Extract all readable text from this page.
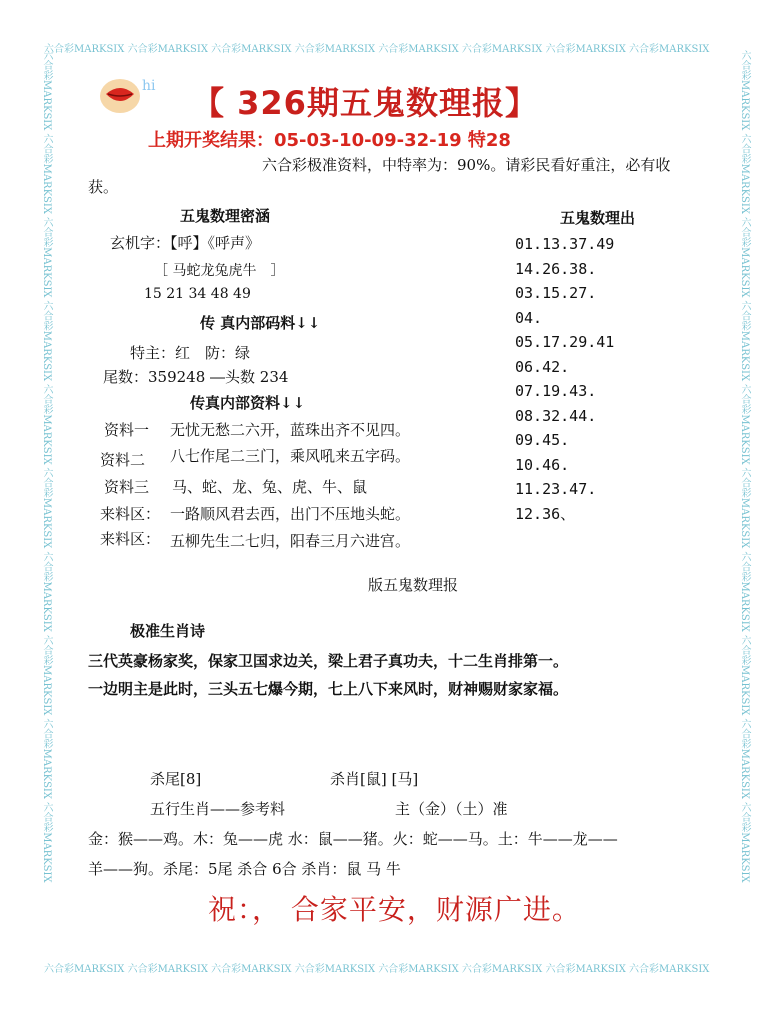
六合彩MARKSIX 六合彩MARKSIX 六合彩MARKSIX 六合彩MARKSIX 六合彩MARKSIX 六合彩MARKSIX 六合彩MARKSIX 六合彩MARKSIX
六合彩MARKSIX 六合彩MARKSIX 六合彩MARKSIX 六合彩MARKSIX 六合彩MARKSIX 六合彩MARKSIX 六合彩MARKSIX 六合彩MARKSIX
六合彩MARKSIX 六合彩MARKSIX 六合彩MARKSIX 六合彩MARKSIX 六合彩MARKSIX 六合彩MARKSIX 六合彩MARKSIX 六合彩MARKSIX 六合彩MARKSIX 六合彩MARKSIX
六合彩MARKSIX 六合彩MARKSIX 六合彩MARKSIX 六合彩MARKSIX 六合彩MARKSIX 六合彩MARKSIX 六合彩MARKSIX 六合彩MARKSIX 六合彩MARKSIX 六合彩MARKSIX
hi 【 326期五鬼数理报】
上期开奖结果：05-03-10-09-32-19 特28
六合彩极准资料，中特率为：90%。请彩民看好重注，必有收
获。
五鬼数理密涵
玄机字：【呼】《呼声》
［ 马蛇龙兔虎牛　］
15 21 34 48 49
传 真内部码料↓↓
特主：红　防：绿
尾数：359248 ―头数 234
传真内部资料↓↓
资料一 无忧无愁二六开，蓝珠出齐不见四。
资料二 八七作尾二三门，乘风吼来五字码。
资料三 马、蛇、龙、兔、虎、牛、鼠
来料区： 一路顺风君去西，出门不压地头蛇。
来料区： 五柳先生二七归，阳春三月六进宫。
五鬼数理出
01.13.37.49
14.26.38.
03.15.27.
04.
05.17.29.41
06.42.
07.19.43.
08.32.44.
09.45.
10.46.
11.23.47.
12.36、
版五鬼数理报
极准生肖诗
三代英豪杨家奖，保家卫国求边关，梁上君子真功夫，十二生肖排第一。
一边明主是此时，三头五七爆今期，七上八下来风时，财神赐财家家福。
杀尾[8]	杀肖[鼠] [马]
五行生肖——参考料	主（金）（土）准
金：猴——鸡。木：兔——虎 水：鼠——猪。火：蛇——马。土：牛——龙——
羊——狗。杀尾：5尾 杀合 6合 杀肖：鼠 马 牛
祝：， 合家平安，财源广进。
